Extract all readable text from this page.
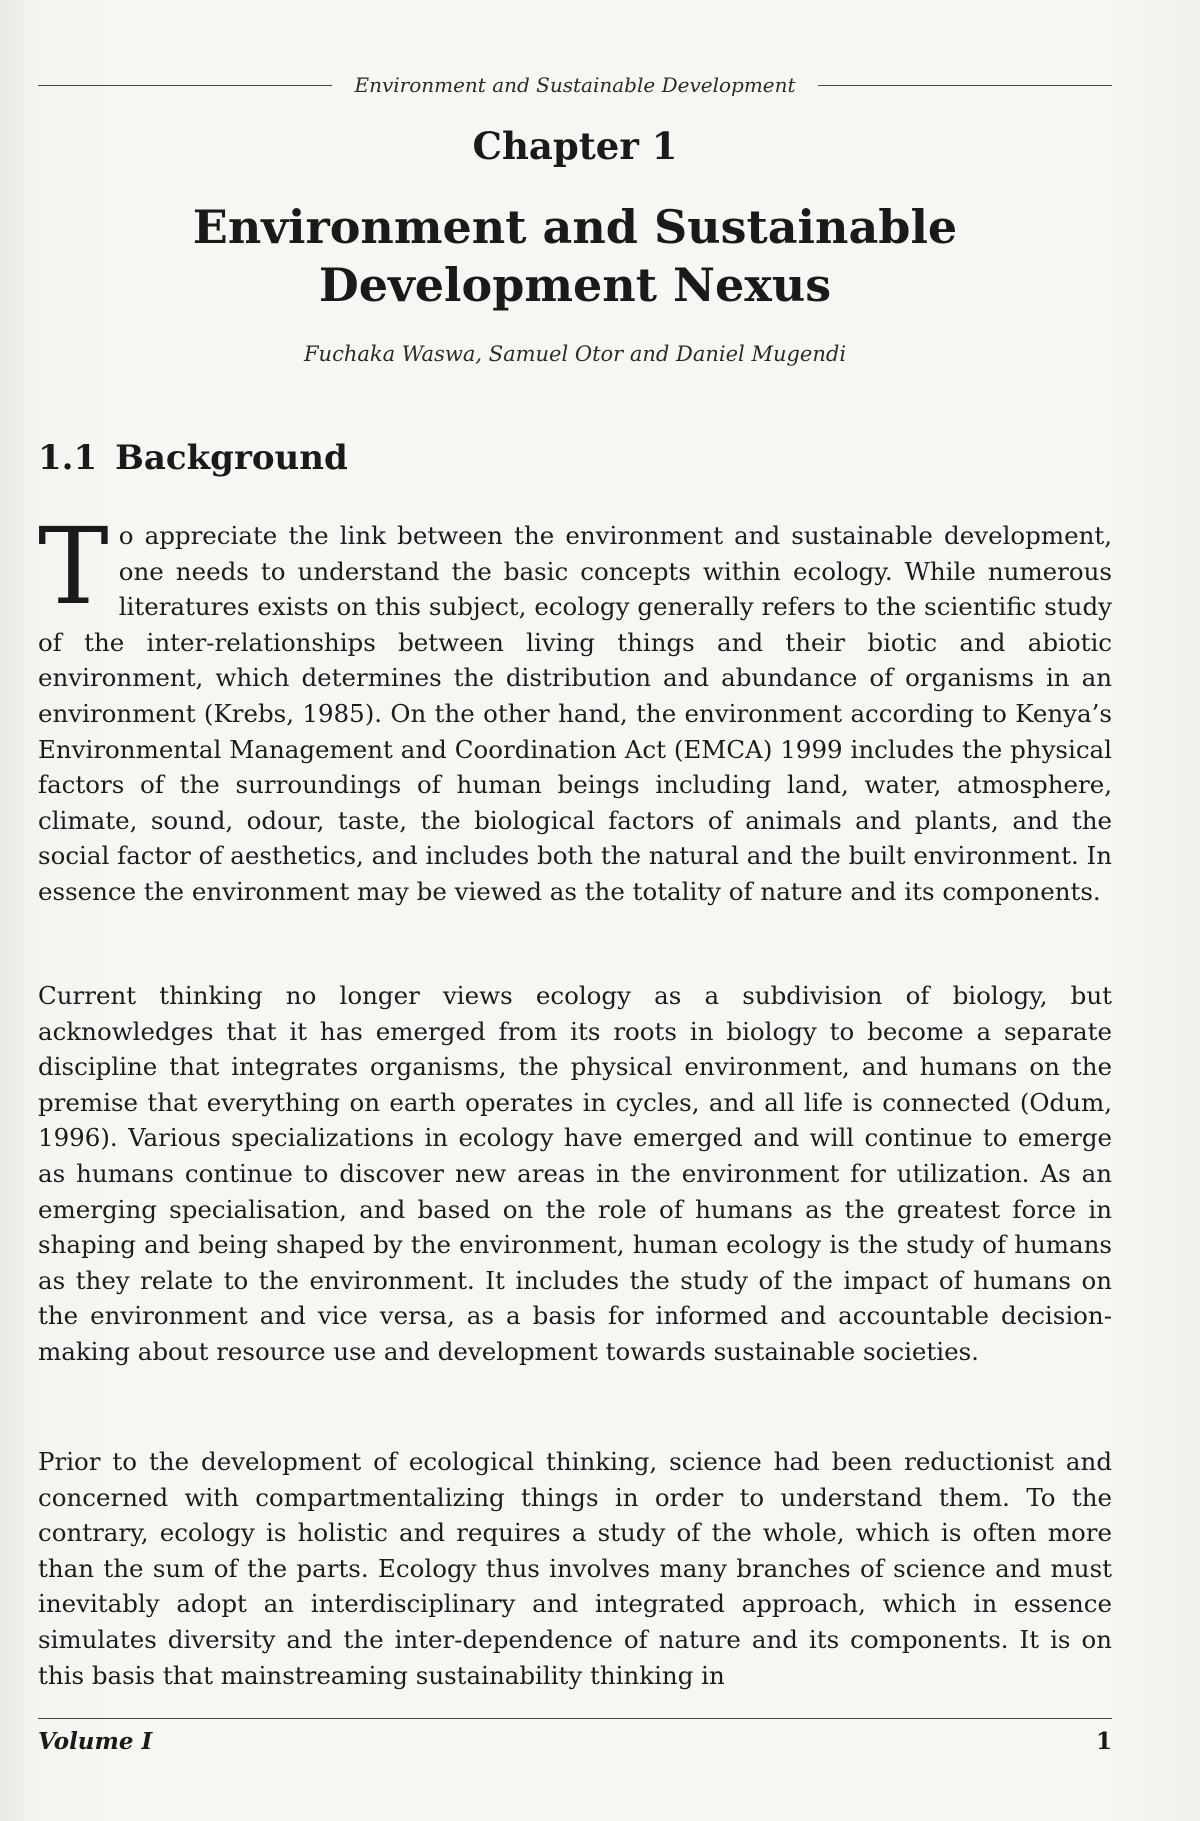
Environment and Sustainable Development
Chapter 1
Environment and Sustainable
Development Nexus
Fuchaka Waswa, Samuel Otor and Daniel Mugendi
1.1 Background
To appreciate the link between the environment and sustainable development, one needs to understand the basic concepts within ecology. While numerous literatures exists on this subject, ecology generally refers to the scientific study of the inter-relationships between living things and their biotic and abiotic environment, which determines the distribution and abundance of organisms in an environment (Krebs, 1985). On the other hand, the environment according to Kenya’s Environmental Management and Coordination Act (EMCA) 1999 includes the physical factors of the surroundings of human beings including land, water, atmosphere, climate, sound, odour, taste, the biological factors of animals and plants, and the social factor of aesthetics, and includes both the natural and the built environment. In essence the environment may be viewed as the totality of nature and its components.
Current thinking no longer views ecology as a subdivision of biology, but acknowledges that it has emerged from its roots in biology to become a separate discipline that integrates organisms, the physical environment, and humans on the premise that everything on earth operates in cycles, and all life is connected (Odum, 1996). Various specializations in ecology have emerged and will continue to emerge as humans continue to discover new areas in the environment for utilization. As an emerging specialisation, and based on the role of humans as the greatest force in shaping and being shaped by the environment, human ecology is the study of humans as they relate to the environment. It includes the study of the impact of humans on the environment and vice versa, as a basis for informed and accountable decision-making about resource use and development towards sustainable societies.
Prior to the development of ecological thinking, science had been reductionist and concerned with compartmentalizing things in order to understand them. To the contrary, ecology is holistic and requires a study of the whole, which is often more than the sum of the parts. Ecology thus involves many branches of science and must inevitably adopt an interdisciplinary and integrated approach, which in essence simulates diversity and the inter-dependence of nature and its components. It is on this basis that mainstreaming sustainability thinking in
Volume I	1
